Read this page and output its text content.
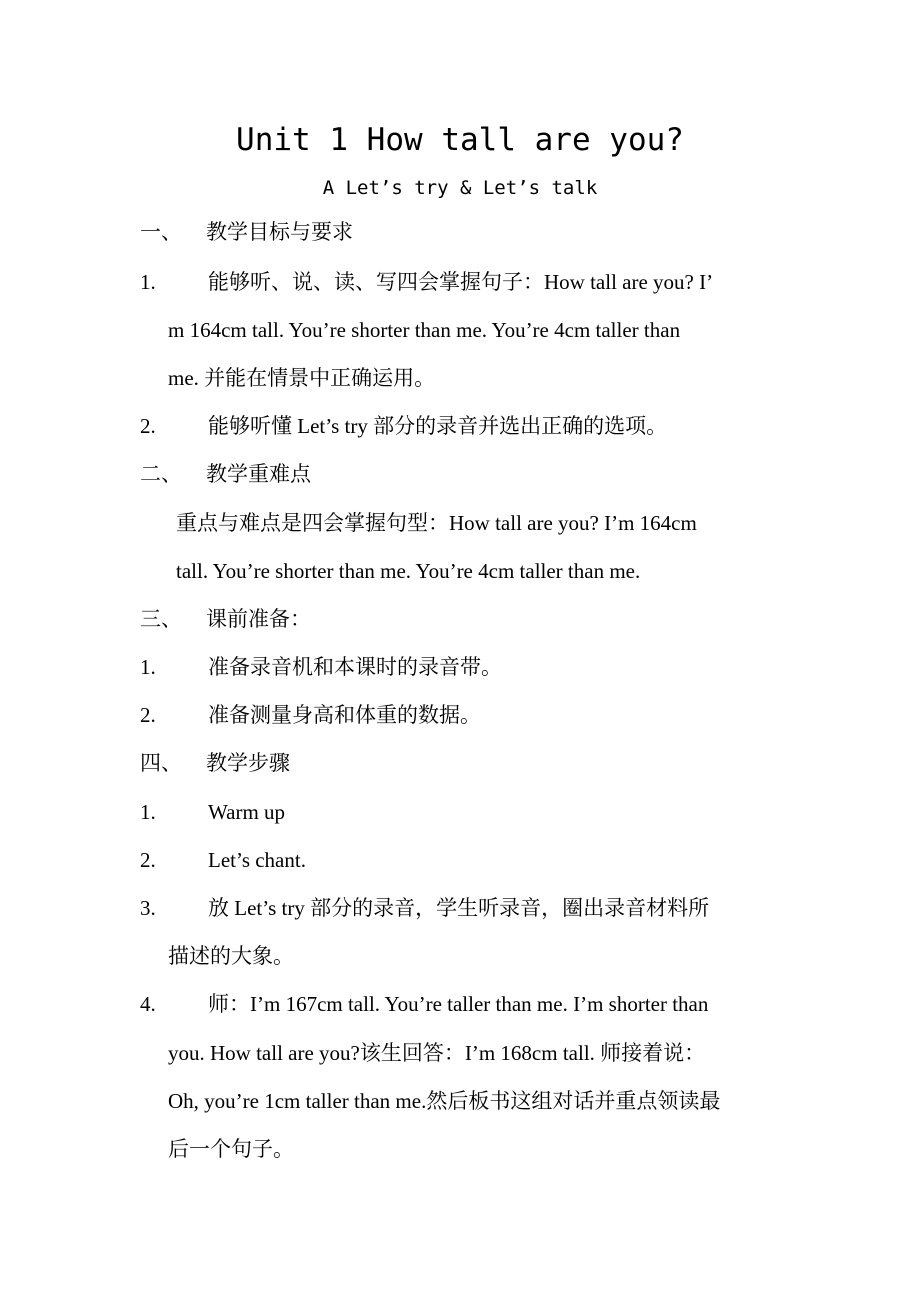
Unit 1 How tall are you?
A Let’s try & Let’s talk
一、 教学目标与要求
1. 能够听、说、读、写四会掌握句子：How tall are you? I’
m 164cm tall. You’re shorter than me. You’re 4cm taller than
me. 并能在情景中正确运用。
2. 能够听懂 Let’s try 部分的录音并选出正确的选项。
二、 教学重难点
重点与难点是四会掌握句型：How tall are you? I’m 164cm
tall. You’re shorter than me. You’re 4cm taller than me.
三、 课前准备：
1. 准备录音机和本课时的录音带。
2. 准备测量身高和体重的数据。
四、 教学步骤
1. Warm up
2. Let’s chant.
3. 放 Let’s try 部分的录音，学生听录音，圈出录音材料所
描述的大象。
4. 师：I’m 167cm tall. You’re taller than me. I’m shorter than
you. How tall are you?该生回答：I’m 168cm tall. 师接着说：
Oh, you’re 1cm taller than me.然后板书这组对话并重点领读最
后一个句子。
